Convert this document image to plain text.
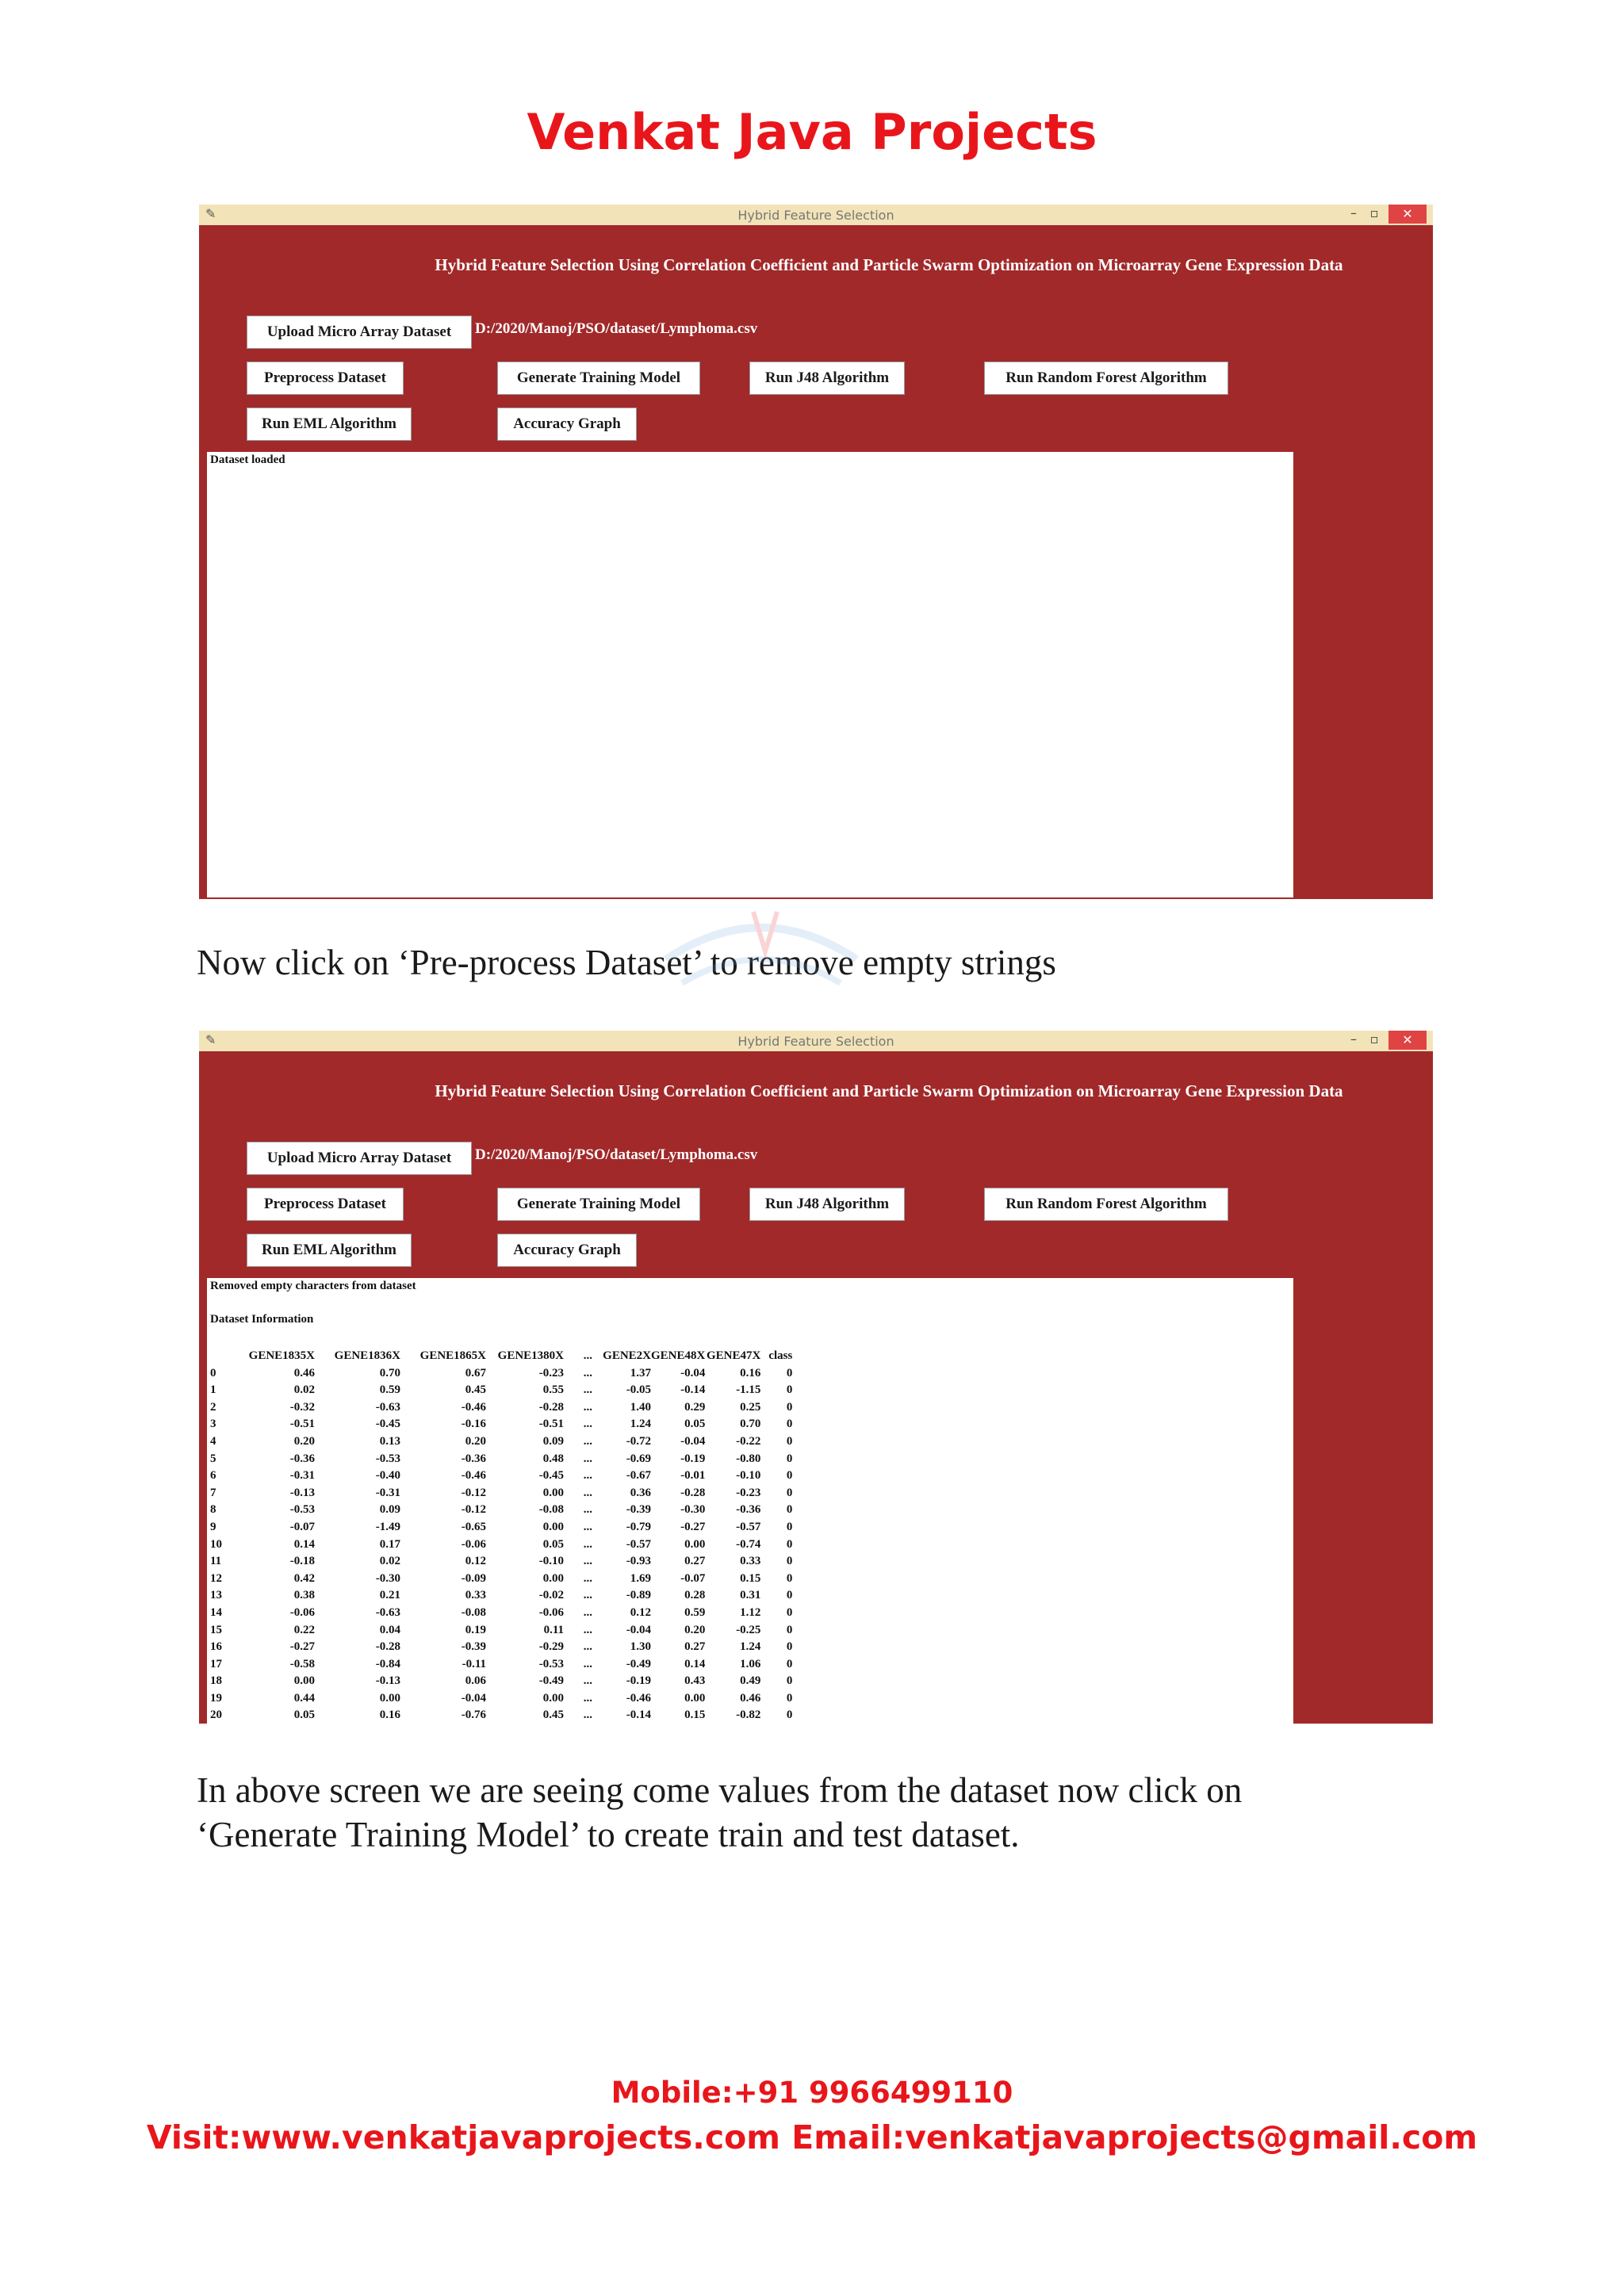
Venkat Java Projects
✎	Hybrid Feature Selection	–	▫	✕
Hybrid Feature Selection Using Correlation Coefficient and Particle Swarm Optimization on Microarray Gene Expression Data
Upload Micro Array Dataset	D:/2020/Manoj/PSO/dataset/Lymphoma.csv
Preprocess Dataset	Generate Training Model	Run J48 Algorithm	Run Random Forest Algorithm
Run EML Algorithm	Accuracy Graph
Dataset loaded
Now click on ‘Pre-process Dataset’ to remove empty strings
✎	Hybrid Feature Selection	–	▫	✕
Hybrid Feature Selection Using Correlation Coefficient and Particle Swarm Optimization on Microarray Gene Expression Data
Upload Micro Array Dataset	D:/2020/Manoj/PSO/dataset/Lymphoma.csv
Preprocess Dataset	Generate Training Model	Run J48 Algorithm	Run Random Forest Algorithm
Run EML Algorithm	Accuracy Graph
Removed empty characters from dataset
Dataset Information
	GENE1835X	GENE1836X	GENE1865X	GENE1380X	...	GENE2X	GENE48X	GENE47X	class
0	0.46	0.70	0.67	-0.23	...	1.37	-0.04	0.16	0
1	0.02	0.59	0.45	0.55	...	-0.05	-0.14	-1.15	0
2	-0.32	-0.63	-0.46	-0.28	...	1.40	0.29	0.25	0
3	-0.51	-0.45	-0.16	-0.51	...	1.24	0.05	0.70	0
4	0.20	0.13	0.20	0.09	...	-0.72	-0.04	-0.22	0
5	-0.36	-0.53	-0.36	0.48	...	-0.69	-0.19	-0.80	0
6	-0.31	-0.40	-0.46	-0.45	...	-0.67	-0.01	-0.10	0
7	-0.13	-0.31	-0.12	0.00	...	0.36	-0.28	-0.23	0
8	-0.53	0.09	-0.12	-0.08	...	-0.39	-0.30	-0.36	0
9	-0.07	-1.49	-0.65	0.00	...	-0.79	-0.27	-0.57	0
10	0.14	0.17	-0.06	0.05	...	-0.57	0.00	-0.74	0
11	-0.18	0.02	0.12	-0.10	...	-0.93	0.27	0.33	0
12	0.42	-0.30	-0.09	0.00	...	1.69	-0.07	0.15	0
13	0.38	0.21	0.33	-0.02	...	-0.89	0.28	0.31	0
14	-0.06	-0.63	-0.08	-0.06	...	0.12	0.59	1.12	0
15	0.22	0.04	0.19	0.11	...	-0.04	0.20	-0.25	0
16	-0.27	-0.28	-0.39	-0.29	...	1.30	0.27	1.24	0
17	-0.58	-0.84	-0.11	-0.53	...	-0.49	0.14	1.06	0
18	0.00	-0.13	0.06	-0.49	...	-0.19	0.43	0.49	0
19	0.44	0.00	-0.04	0.00	...	-0.46	0.00	0.46	0
20	0.05	0.16	-0.76	0.45	...	-0.14	0.15	-0.82	0
In above screen we are seeing come values from the dataset now click on
‘Generate Training Model’ to create train and test dataset.
Mobile:+91 9966499110
Visit:www.venkatjavaprojects.com Email:venkatjavaprojects@gmail.com
